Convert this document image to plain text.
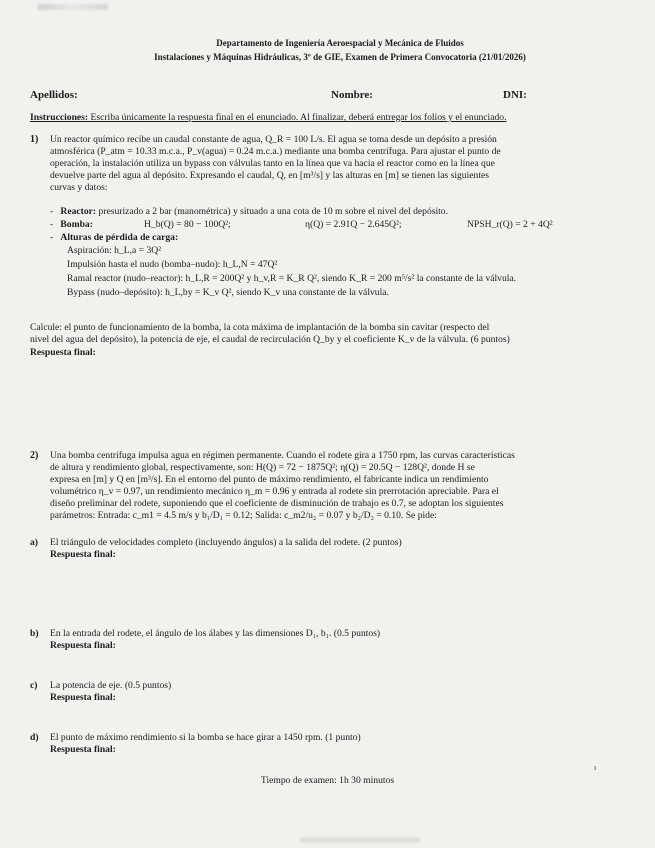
Departamento de Ingeniería Aeroespacial y Mecánica de Fluidos
Instalaciones y Máquinas Hidráulicas, 3º de GIE, Examen de Primera Convocatoria (21/01/2026)
Apellidos:	Nombre:	DNI:
Instrucciones: Escriba únicamente la respuesta final en el enunciado. Al finalizar, deberá entregar los folios y el enunciado.
1) Un reactor químico recibe un caudal constante de agua, Q_R = 100 L/s. El agua se toma desde un depósito a presión
atmosférica (P_atm = 10.33 m.c.a., P_v(agua) = 0.24 m.c.a.) mediante una bomba centrífuga. Para ajustar el punto de
operación, la instalación utiliza un bypass con válvulas tanto en la línea que va hacia el reactor como en la línea que
devuelve parte del agua al depósito. Expresando el caudal, Q, en [m³/s] y las alturas en [m] se tienen las siguientes
curvas y datos:
-   Reactor: presurizado a 2 bar (manométrica) y situado a una cota de 10 m sobre el nivel del depósito.
-   Bomba:	H_b(Q) = 80 − 100Q²;	η(Q) = 2.91Q − 2.645Q²;	NPSH_r(Q) = 2 + 4Q²
-   Alturas de pérdida de carga:
Aspiración: h_L,a = 3Q²
Impulsión hasta el nudo (bomba–nudo): h_L,N = 47Q²
Ramal reactor (nudo–reactor): h_L,R = 200Q² y h_v,R = K_R Q², siendo K_R = 200 m⁵/s² la constante de la válvula.
Bypass (nudo–depósito): h_L,by = K_v Q², siendo K_v una constante de la válvula.
Calcule: el punto de funcionamiento de la bomba, la cota máxima de implantación de la bomba sin cavitar (respecto del
nivel del agua del depósito), la potencia de eje, el caudal de recirculación Q_by y el coeficiente K_v de la válvula. (6 puntos)
Respuesta final:
2) Una bomba centrífuga impulsa agua en régimen permanente. Cuando el rodete gira a 1750 rpm, las curvas características
de altura y rendimiento global, respectivamente, son: H(Q) = 72 − 1875Q²; η(Q) = 20.5Q − 128Q², donde H se
expresa en [m] y Q en [m³/s]. En el entorno del punto de máximo rendimiento, el fabricante indica un rendimiento
volumétrico η_v = 0.97, un rendimiento mecánico η_m = 0.96 y entrada al rodete sin prerrotación apreciable. Para el
diseño preliminar del rodete, suponiendo que el coeficiente de disminución de trabajo es 0.7, se adoptan los siguientes
parámetros: Entrada: c_m1 = 4.5 m/s y b₁/D₁ = 0.12; Salida: c_m2/u₂ = 0.07 y b₂/D₂ = 0.10. Se pide:
a) El triángulo de velocidades completo (incluyendo ángulos) a la salida del rodete. (2 puntos)
Respuesta final:
b) En la entrada del rodete, el ángulo de los álabes y las dimensiones D₁, b₁. (0.5 puntos)
Respuesta final:
c) La potencia de eje. (0.5 puntos)
Respuesta final:
d) El punto de máximo rendimiento si la bomba se hace girar a 1450 rpm. (1 punto)
Respuesta final:
ı
Tiempo de examen: 1h 30 minutos
